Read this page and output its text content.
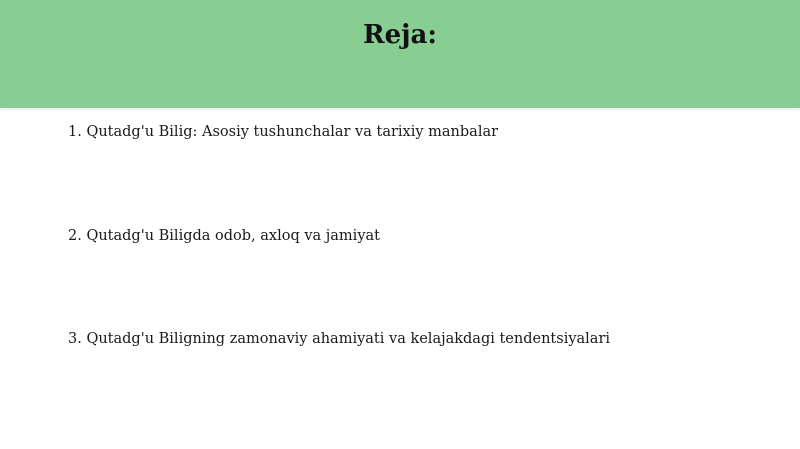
Reja:
1. Qutadg'u Bilig: Asosiy tushunchalar va tarixiy manbalar
2. Qutadg'u Biligda odob, axloq va jamiyat
3. Qutadg'u Biligning zamonaviy ahamiyati va kelajakdagi tendentsiyalari
